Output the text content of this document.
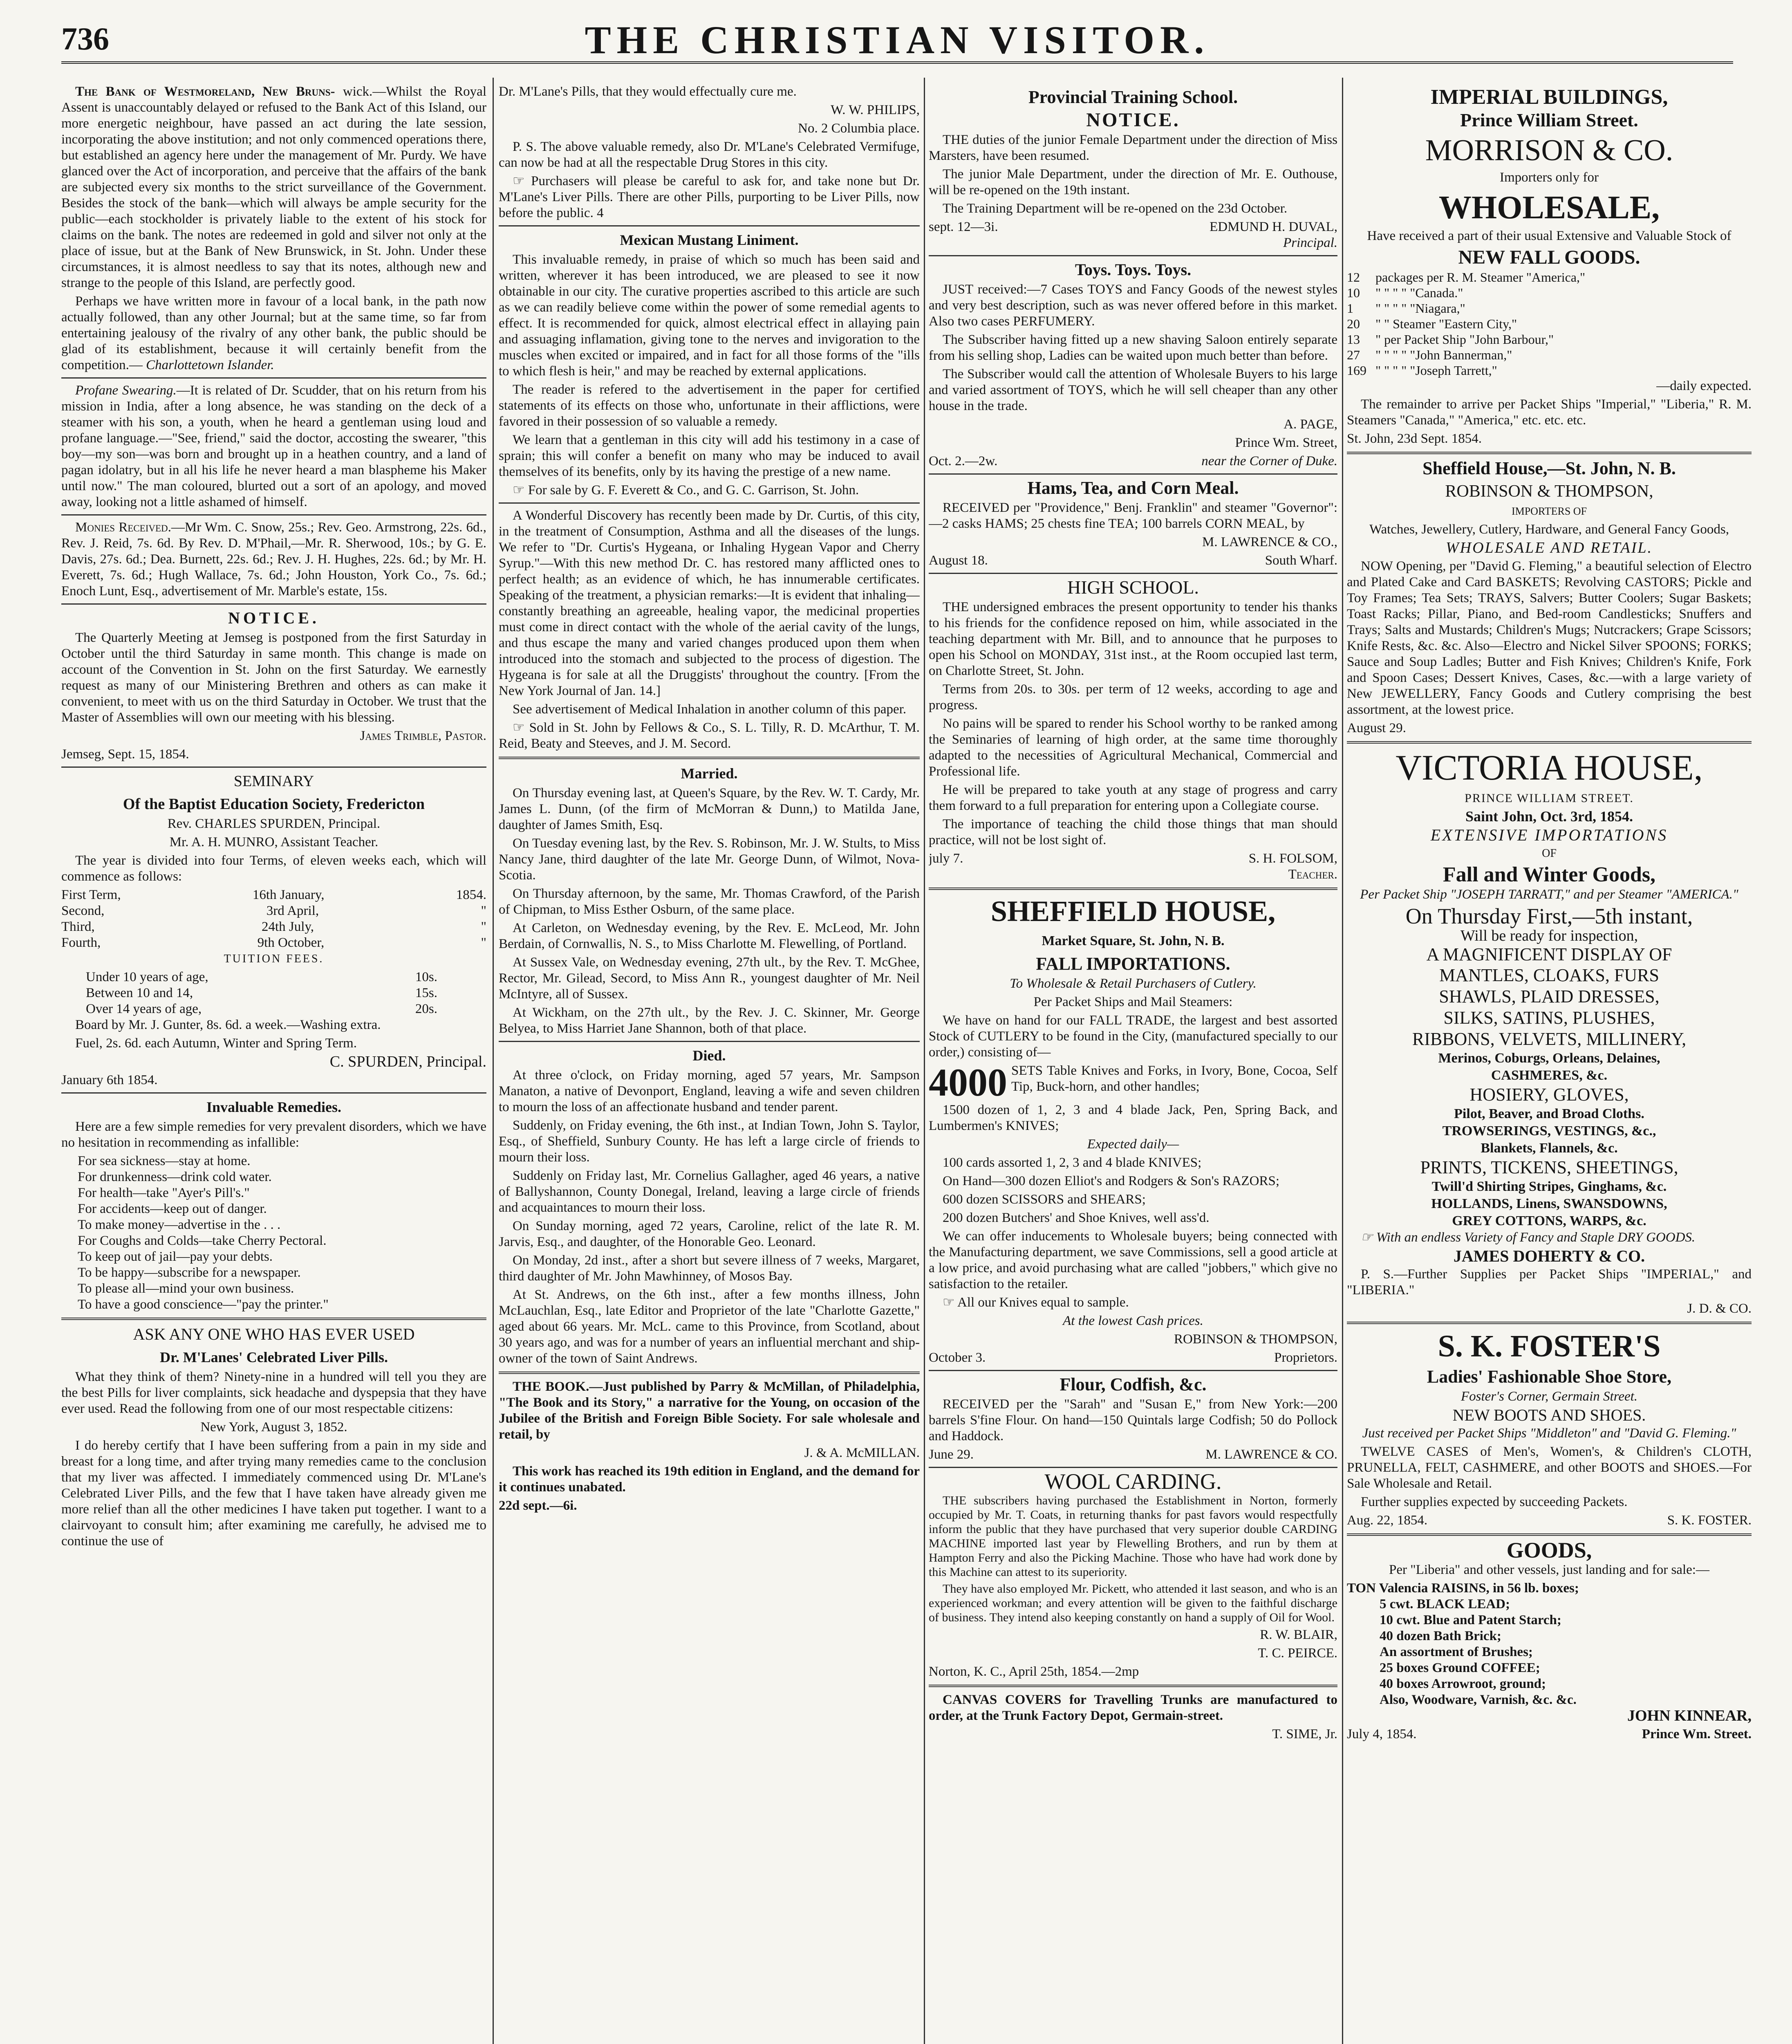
736	THE CHRISTIAN VISITOR.

The Bank of Westmoreland, New Bruns- wick.—Whilst the Royal Assent is unaccountably delayed or refused to the Bank Act of this Island, our more energetic neighbour, have passed an act during the late session, incorporating the above institution; and not only commenced operations there, but established an agency here under the management of Mr. Purdy. We have glanced over the Act of incorporation, and perceive that the affairs of the bank are subjected every six months to the strict surveillance of the Government. Besides the stock of the bank—which will always be ample security for the public—each stockholder is privately liable to the extent of his stock for claims on the bank. The notes are redeemed in gold and silver not only at the place of issue, but at the Bank of New Brunswick, in St. John. Under these circumstances, it is almost needless to say that its notes, although new and strange to the people of this Island, are perfectly good.

Perhaps we have written more in favour of a local bank, in the path now actually followed, than any other Journal; but at the same time, so far from entertaining jealousy of the rivalry of any other bank, the public should be glad of its establishment, because it will certainly benefit from the competition.— Charlottetown Islander.

Profane Swearing.—It is related of Dr. Scudder, that on his return from his mission in India, after a long absence, he was standing on the deck of a steamer with his son, a youth, when he heard a gentleman using loud and profane language.—"See, friend," said the doctor, accosting the swearer, "this boy—my son—was born and brought up in a heathen country, and a land of pagan idolatry, but in all his life he never heard a man blaspheme his Maker until now." The man coloured, blurted out a sort of an apology, and moved away, looking not a little ashamed of himself.

Monies Received.—Mr Wm. C. Snow, 25s.; Rev. Geo. Armstrong, 22s. 6d., Rev. J. Reid, 7s. 6d. By Rev. D. M'Phail,—Mr. R. Sherwood, 10s.; by G. E. Davis, 27s. 6d.; Dea. Burnett, 22s. 6d.; Rev. J. H. Hughes, 22s. 6d.; by Mr. H. Everett, 7s. 6d.; Hugh Wallace, 7s. 6d.; John Houston, York Co., 7s. 6d.; Enoch Lunt, Esq., advertisement of Mr. Marble's estate, 15s.

NOTICE.

The Quarterly Meeting at Jemseg is postponed from the first Saturday in October until the third Saturday in same month. This change is made on account of the Convention in St. John on the first Saturday. We earnestly request as many of our Ministering Brethren and others as can make it convenient, to meet with us on the third Saturday in October. We trust that the Master of Assemblies will own our meeting with his blessing.

James Trimble, Pastor.

Jemseg, Sept. 15, 1854.

SEMINARY
Of the Baptist Education Society, Fredericton

Rev. CHARLES SPURDEN, Principal.

Mr. A. H. MUNRO, Assistant Teacher.

The year is divided into four Terms, of eleven weeks each, which will commence as follows:

First Term,	16th January,	1854.
Second,	3rd April,	"
Third,	24th July,	"
Fourth,	9th October,	"

TUITION FEES.

Under 10 years of age,	10s.
Between 10 and 14,	15s.
Over 14 years of age,	20s.

Board by Mr. J. Gunter, 8s. 6d. a week.—Washing extra.

Fuel, 2s. 6d. each Autumn, Winter and Spring Term.

C. SPURDEN, Principal.

January 6th 1854.

Invaluable Remedies.

Here are a few simple remedies for very prevalent disorders, which we have no hesitation in recommending as infallible:

For sea sickness—stay at home.
For drunkenness—drink cold water.
For health—take "Ayer's Pill's."
For accidents—keep out of danger.
To make money—advertise in the . . .
For Coughs and Colds—take Cherry Pectoral.
To keep out of jail—pay your debts.
To be happy—subscribe for a newspaper.
To please all—mind your own business.
To have a good conscience—"pay the printer."
ASK ANY ONE WHO HAS EVER USED
Dr. M'Lanes' Celebrated Liver Pills.

What they think of them? Ninety-nine in a hundred will tell you they are the best Pills for liver complaints, sick headache and dyspepsia that they have ever used. Read the following from one of our most respectable citizens:

New York, August 3, 1852.

I do hereby certify that I have been suffering from a pain in my side and breast for a long time, and after trying many remedies came to the conclusion that my liver was affected. I immediately commenced using Dr. M'Lane's Celebrated Liver Pills, and the few that I have taken have already given me more relief than all the other medicines I have taken put together. I want to a clairvoyant to consult him; after examining me carefully, he advised me to continue the use of

Dr. M'Lane's Pills, that they would effectually cure me.

W. W. PHILIPS,

No. 2 Columbia place.

P. S. The above valuable remedy, also Dr. M'Lane's Celebrated Vermifuge, can now be had at all the respectable Drug Stores in this city.

☞ Purchasers will please be careful to ask for, and take none but Dr. M'Lane's Liver Pills. There are other Pills, purporting to be Liver Pills, now before the public. 4

Mexican Mustang Liniment.

This invaluable remedy, in praise of which so much has been said and written, wherever it has been introduced, we are pleased to see it now obtainable in our city. The curative properties ascribed to this article are such as we can readily believe come within the power of some remedial agents to effect. It is recommended for quick, almost electrical effect in allaying pain and assuaging inflamation, giving tone to the nerves and invigoration to the muscles when excited or impaired, and in fact for all those forms of the "ills to which flesh is heir," and may be reached by external applications.

The reader is refered to the advertisement in the paper for certified statements of its effects on those who, unfortunate in their afflictions, were favored in their possession of so valuable a remedy.

We learn that a gentleman in this city will add his testimony in a case of sprain; this will confer a benefit on many who may be induced to avail themselves of its benefits, only by its having the prestige of a new name.

☞ For sale by G. F. Everett & Co., and G. C. Garrison, St. John.

A Wonderful Discovery has recently been made by Dr. Curtis, of this city, in the treatment of Consumption, Asthma and all the diseases of the lungs. We refer to "Dr. Curtis's Hygeana, or Inhaling Hygean Vapor and Cherry Syrup."—With this new method Dr. C. has restored many afflicted ones to perfect health; as an evidence of which, he has innumerable certificates. Speaking of the treatment, a physician remarks:—It is evident that inhaling—constantly breathing an agreeable, healing vapor, the medicinal properties must come in direct contact with the whole of the aerial cavity of the lungs, and thus escape the many and varied changes produced upon them when introduced into the stomach and subjected to the process of digestion. The Hygeana is for sale at all the Druggists' throughout the country. [From the New York Journal of Jan. 14.]

See advertisement of Medical Inhalation in another column of this paper.

☞ Sold in St. John by Fellows & Co., S. L. Tilly, R. D. McArthur, T. M. Reid, Beaty and Steeves, and J. M. Secord.

Married.

On Thursday evening last, at Queen's Square, by the Rev. W. T. Cardy, Mr. James L. Dunn, (of the firm of McMorran & Dunn,) to Matilda Jane, daughter of James Smith, Esq.

On Tuesday evening last, by the Rev. S. Robinson, Mr. J. W. Stults, to Miss Nancy Jane, third daughter of the late Mr. George Dunn, of Wilmot, Nova-Scotia.

On Thursday afternoon, by the same, Mr. Thomas Crawford, of the Parish of Chipman, to Miss Esther Osburn, of the same place.

At Carleton, on Wednesday evening, by the Rev. E. McLeod, Mr. John Berdain, of Cornwallis, N. S., to Miss Charlotte M. Flewelling, of Portland.

At Sussex Vale, on Wednesday evening, 27th ult., by the Rev. T. McGhee, Rector, Mr. Gilead, Secord, to Miss Ann R., youngest daughter of Mr. Neil McIntyre, all of Sussex.

At Wickham, on the 27th ult., by the Rev. J. C. Skinner, Mr. George Belyea, to Miss Harriet Jane Shannon, both of that place.

Died.

At three o'clock, on Friday morning, aged 57 years, Mr. Sampson Manaton, a native of Devonport, England, leaving a wife and seven children to mourn the loss of an affectionate husband and tender parent.

Suddenly, on Friday evening, the 6th inst., at Indian Town, John S. Taylor, Esq., of Sheffield, Sunbury County. He has left a large circle of friends to mourn their loss.

Suddenly on Friday last, Mr. Cornelius Gallagher, aged 46 years, a native of Ballyshannon, County Donegal, Ireland, leaving a large circle of friends and acquaintances to mourn their loss.

On Sunday morning, aged 72 years, Caroline, relict of the late R. M. Jarvis, Esq., and daughter, of the Honorable Geo. Leonard.

On Monday, 2d inst., after a short but severe illness of 7 weeks, Margaret, third daughter of Mr. John Mawhinney, of Mosos Bay.

At St. Andrews, on the 6th inst., after a few months illness, John McLauchlan, Esq., late Editor and Proprietor of the late "Charlotte Gazette," aged about 66 years. Mr. McL. came to this Province, from Scotland, about 30 years ago, and was for a number of years an influential merchant and ship-owner of the town of Saint Andrews.

THE BOOK.—Just published by Parry & McMillan, of Philadelphia, "The Book and its Story," a narrative for the Young, on occasion of the Jubilee of the British and Foreign Bible Society. For sale wholesale and retail, by

J. & A. McMILLAN.

This work has reached its 19th edition in England, and the demand for it continues unabated.

22d sept.—6i.

Provincial Training School.
NOTICE.

THE duties of the junior Female Department under the direction of Miss Marsters, have been resumed.

The junior Male Department, under the direction of Mr. E. Outhouse, will be re-opened on the 19th instant.

The Training Department will be re-opened on the 23d October.

sept. 12—3i.	EDMUND H. DUVAL,

Principal.

Toys. Toys. Toys.

JUST received:—7 Cases TOYS and Fancy Goods of the newest styles and very best description, such as was never offered before in this market. Also two cases PERFUMERY.

The Subscriber having fitted up a new shaving Saloon entirely separate from his selling shop, Ladies can be waited upon much better than before.

The Subscriber would call the attention of Wholesale Buyers to his large and varied assortment of TOYS, which he will sell cheaper than any other house in the trade.

A. PAGE,

Prince Wm. Street,

Oct. 2.—2w.	near the Corner of Duke.
Hams, Tea, and Corn Meal.

RECEIVED per "Providence," Benj. Franklin" and steamer "Governor":—2 casks HAMS; 25 chests fine TEA; 100 barrels CORN MEAL, by

M. LAWRENCE & CO.,

August 18.	South Wharf.
HIGH SCHOOL.

THE undersigned embraces the present opportunity to tender his thanks to his friends for the confidence reposed on him, while associated in the teaching department with Mr. Bill, and to announce that he purposes to open his School on MONDAY, 31st inst., at the Room occupied last term, on Charlotte Street, St. John.

Terms from 20s. to 30s. per term of 12 weeks, according to age and progress.

No pains will be spared to render his School worthy to be ranked among the Seminaries of learning of high order, at the same time thoroughly adapted to the necessities of Agricultural Mechanical, Commercial and Professional life.

He will be prepared to take youth at any stage of progress and carry them forward to a full preparation for entering upon a Collegiate course.

The importance of teaching the child those things that man should practice, will not be lost sight of.

july 7.	S. H. FOLSOM,

Teacher.

SHEFFIELD HOUSE,
Market Square, St. John, N. B.
FALL IMPORTATIONS.

To Wholesale & Retail Purchasers of Cutlery.

Per Packet Ships and Mail Steamers:

We have on hand for our FALL TRADE, the largest and best assorted Stock of CUTLERY to be found in the City, (manufactured specially to our order,) consisting of—

4000 SETS Table Knives and Forks, in Ivory, Bone, Cocoa, Self Tip, Buck-horn, and other handles;

1500 dozen of 1, 2, 3 and 4 blade Jack, Pen, Spring Back, and Lumbermen's KNIVES;

Expected daily—

100 cards assorted 1, 2, 3 and 4 blade KNIVES;

On Hand—300 dozen Elliot's and Rodgers & Son's RAZORS;

600 dozen SCISSORS and SHEARS;

200 dozen Butchers' and Shoe Knives, well ass'd.

We can offer inducements to Wholesale buyers; being connected with the Manufacturing department, we save Commissions, sell a good article at a low price, and avoid purchasing what are called "jobbers," which give no satisfaction to the retailer.

☞ All our Knives equal to sample.

At the lowest Cash prices.

ROBINSON & THOMPSON,

October 3.	Proprietors.
Flour, Codfish, &c.

RECEIVED per the "Sarah" and "Susan E," from New York:—200 barrels S'fine Flour. On hand—150 Quintals large Codfish; 50 do Pollock and Haddock.

June 29.	M. LAWRENCE & CO.
WOOL CARDING.

THE subscribers having purchased the Establishment in Norton, formerly occupied by Mr. T. Coats, in returning thanks for past favors would respectfully inform the public that they have purchased that very superior double CARDING MACHINE imported last year by Flewelling Brothers, and run by them at Hampton Ferry and also the Picking Machine. Those who have had work done by this Machine can attest to its superiority.

They have also employed Mr. Pickett, who attended it last season, and who is an experienced workman; and every attention will be given to the faithful discharge of business. They intend also keeping constantly on hand a supply of Oil for Wool.

R. W. BLAIR,

T. C. PEIRCE.

Norton, K. C., April 25th, 1854.—2mp

CANVAS COVERS for Travelling Trunks are manufactured to order, at the Trunk Factory Depot, Germain-street.

T. SIME, Jr.

IMPERIAL BUILDINGS,
Prince William Street.
MORRISON & CO.

Importers only for

WHOLESALE,

Have received a part of their usual Extensive and Valuable Stock of

NEW FALL GOODS.
12	packages per R. M. Steamer "America,"
10	" " " " "Canada."
1	" " " " "Niagara,"
20	" " Steamer "Eastern City,"
13	" per Packet Ship "John Barbour,"
27	" " " " "John Bannerman,"
169 " " " " "Joseph Tarrett,"

—daily expected.

The remainder to arrive per Packet Ships "Imperial," "Liberia," R. M. Steamers "Canada," "America," etc. etc. etc.

St. John, 23d Sept. 1854.

Sheffield House,—St. John, N. B.
ROBINSON & THOMPSON,

IMPORTERS OF

Watches, Jewellery, Cutlery, Hardware, and General Fancy Goods,

WHOLESALE AND RETAIL.

NOW Opening, per "David G. Fleming," a beautiful selection of Electro and Plated Cake and Card BASKETS; Revolving CASTORS; Pickle and Toy Frames; Tea Sets; TRAYS, Salvers; Butter Coolers; Sugar Baskets; Toast Racks; Pillar, Piano, and Bed-room Candlesticks; Snuffers and Trays; Salts and Mustards; Children's Mugs; Nutcrackers; Grape Scissors; Knife Rests, &c. &c. Also—Electro and Nickel Silver SPOONS; FORKS; Sauce and Soup Ladles; Butter and Fish Knives; Children's Knife, Fork and Spoon Cases; Dessert Knives, Cases, &c.—with a large variety of New JEWELLERY, Fancy Goods and Cutlery comprising the best assortment, at the lowest price.

August 29.

VICTORIA HOUSE,

PRINCE WILLIAM STREET.

Saint John, Oct. 3rd, 1854.

EXTENSIVE IMPORTATIONS

OF

Fall and Winter Goods,

Per Packet Ship "JOSEPH TARRATT," and per Steamer "AMERICA."

On Thursday First,—5th instant,

Will be ready for inspection,

A MAGNIFICENT DISPLAY OF

MANTLES, CLOAKS, FURS
SHAWLS, PLAID DRESSES,
SILKS, SATINS, PLUSHES,
RIBBONS, VELVETS, MILLINERY,
Merinos, Coburgs, Orleans, Delaines,
CASHMERES, &c.
HOSIERY, GLOVES,
Pilot, Beaver, and Broad Cloths.
TROWSERINGS, VESTINGS, &c.,
Blankets, Flannels, &c.
PRINTS, TICKENS, SHEETINGS,
Twill'd Shirting Stripes, Ginghams, &c.
HOLLANDS, Linens, SWANSDOWNS,
GREY COTTONS, WARPS, &c.

☞ With an endless Variety of Fancy and Staple DRY GOODS.

JAMES DOHERTY & CO.

P. S.—Further Supplies per Packet Ships "IMPERIAL," and "LIBERIA."

J. D. & CO.

S. K. FOSTER'S
Ladies' Fashionable Shoe Store,

Foster's Corner, Germain Street.

NEW BOOTS AND SHOES.

Just received per Packet Ships "Middleton" and "David G. Fleming."

TWELVE CASES of Men's, Women's, & Children's CLOTH, PRUNELLA, FELT, CASHMERE, and other BOOTS and SHOES.—For Sale Wholesale and Retail.

Further supplies expected by succeeding Packets.

Aug. 22, 1854.	S. K. FOSTER.
GOODS,

Per "Liberia" and other vessels, just landing and for sale:—

TON Valencia RAISINS, in 56 lb. boxes;
5 cwt. BLACK LEAD;
10 cwt. Blue and Patent Starch;
40 dozen Bath Brick;
An assortment of Brushes;
25 boxes Ground COFFEE;
40 boxes Arrowroot, ground;
Also, Woodware, Varnish, &c. &c.

JOHN KINNEAR,

July 4, 1854.	Prince Wm. Street.
